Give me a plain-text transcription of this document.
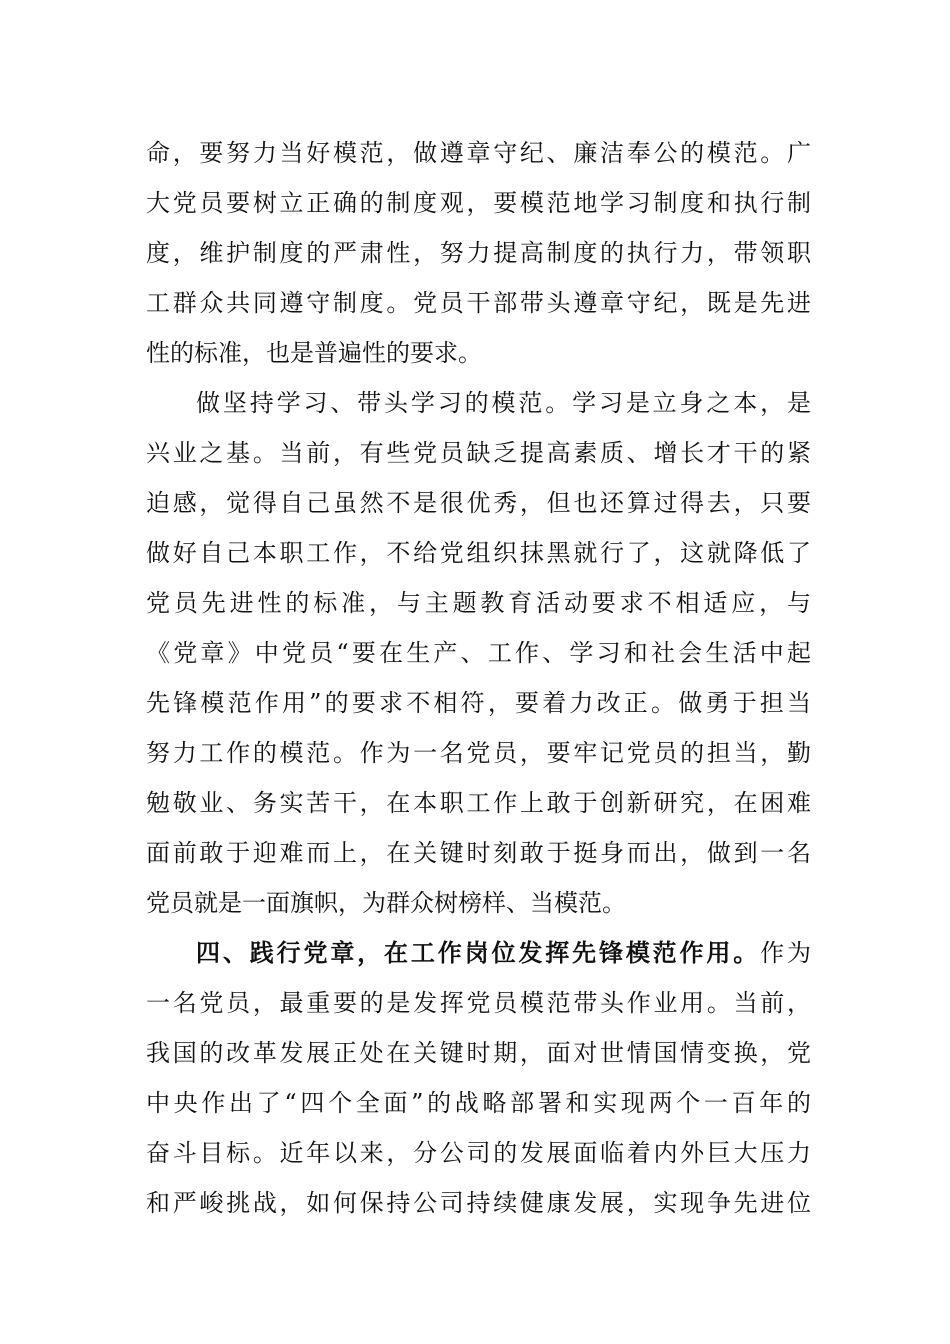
命，要努力当好模范，做遵章守纪、廉洁奉公的模范。广
大党员要树立正确的制度观，要模范地学习制度和执行制
度，维护制度的严肃性，努力提高制度的执行力，带领职
工群众共同遵守制度。党员干部带头遵章守纪，既是先进
性的标准，也是普遍性的要求。
做坚持学习、带头学习的模范。学习是立身之本，是
兴业之基。当前，有些党员缺乏提高素质、增长才干的紧
迫感，觉得自己虽然不是很优秀，但也还算过得去，只要
做好自己本职工作，不给党组织抹黑就行了，这就降低了
党员先进性的标准，与主题教育活动要求不相适应，与
《党章》中党员“要在生产、工作、学习和社会生活中起
先锋模范作用”的要求不相符，要着力改正。做勇于担当
努力工作的模范。作为一名党员，要牢记党员的担当，勤
勉敬业、务实苦干，在本职工作上敢于创新研究，在困难
面前敢于迎难而上，在关键时刻敢于挺身而出，做到一名
党员就是一面旗帜，为群众树榜样、当模范。
四、践行党章，在工作岗位发挥先锋模范作用。作为
一名党员，最重要的是发挥党员模范带头作业用。当前，
我国的改革发展正处在关键时期，面对世情国情变换，党
中央作出了“四个全面”的战略部署和实现两个一百年的
奋斗目标。近年以来，分公司的发展面临着内外巨大压力
和严峻挑战，如何保持公司持续健康发展，实现争先进位
